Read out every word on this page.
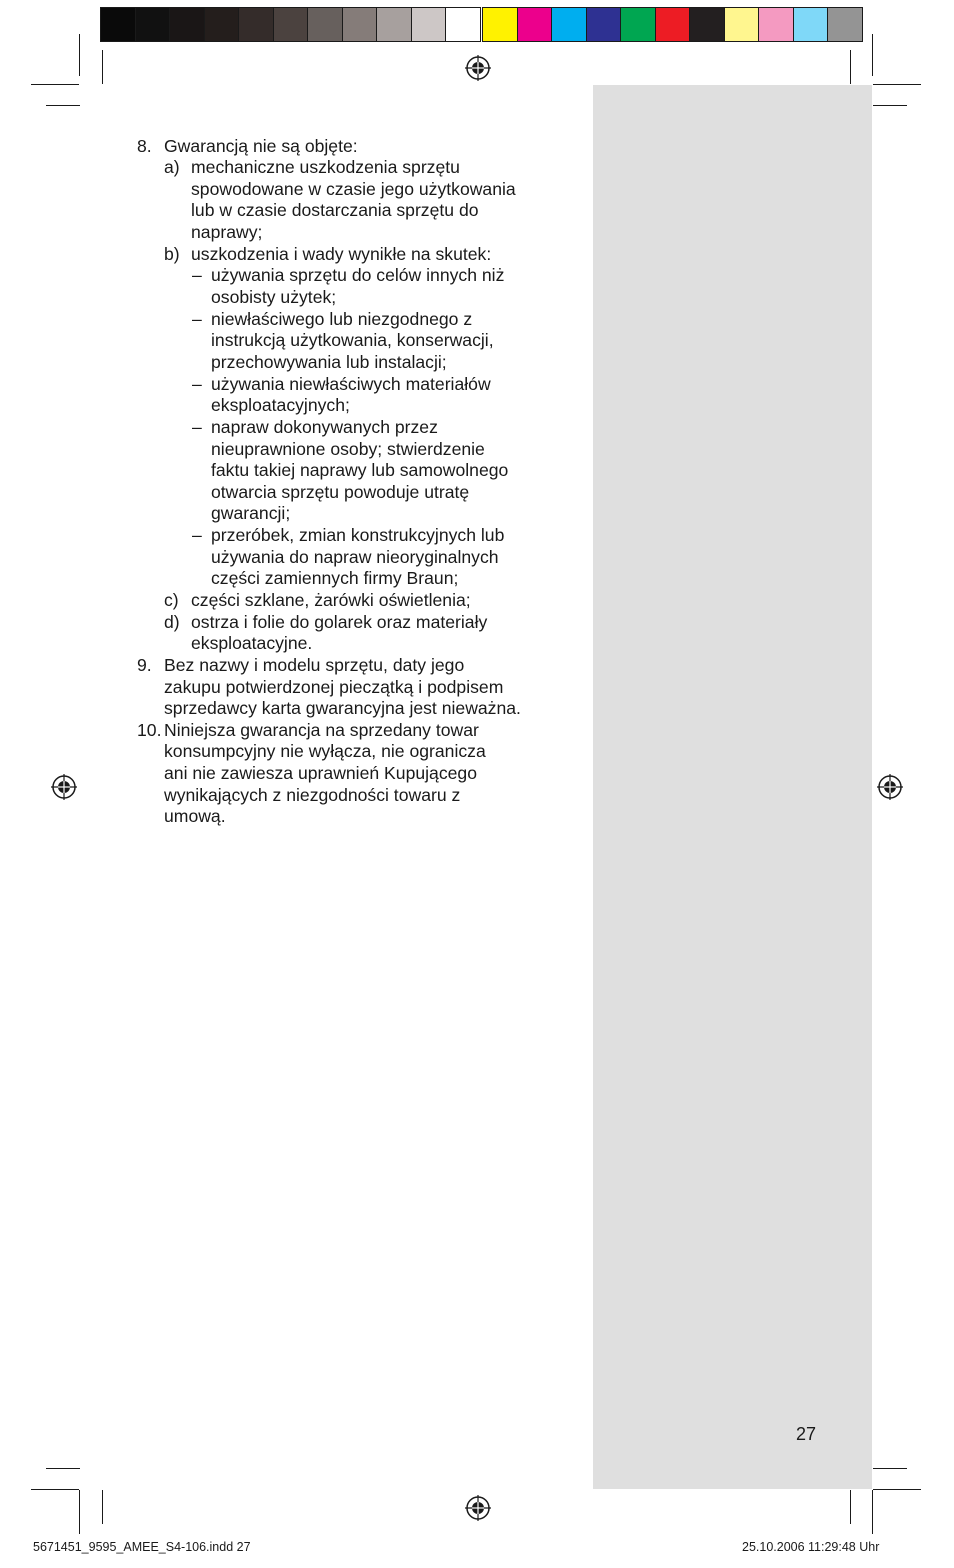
8. Gwarancją nie są objęte:
a) mechaniczne uszkodzenia sprzętu
spowodowane w czasie jego użytkowania
lub w czasie dostarczania sprzętu do
naprawy;
b) uszkodzenia i wady wynikłe na skutek:
– używania sprzętu do celów innych niż
osobisty użytek;
– niewłaściwego lub niezgodnego z
instrukcją użytkowania, konserwacji,
przechowywania lub instalacji;
– używania niewłaściwych materiałów
eksploatacyjnych;
– napraw dokonywanych przez
nieuprawnione osoby; stwierdzenie
faktu takiej naprawy lub samowolnego
otwarcia sprzętu powoduje utratę
gwarancji;
– przeróbek, zmian konstrukcyjnych lub
używania do napraw nieoryginalnych
części zamiennych firmy Braun;
c) części szklane, żarówki oświetlenia;
d) ostrza i folie do golarek oraz materiały
eksploatacyjne.
9. Bez nazwy i modelu sprzętu, daty jego
zakupu potwierdzonej pieczątką i podpisem
sprzedawcy karta gwarancyjna jest nieważna.
10. Niniejsza gwarancja na sprzedany towar
konsumpcyjny nie wyłącza, nie ogranicza
ani nie zawiesza uprawnień Kupującego
wynikających z niezgodności towaru z
umową.
27
5671451_9595_AMEE_S4-106.indd 27	25.10.2006 11:29:48 Uhr
